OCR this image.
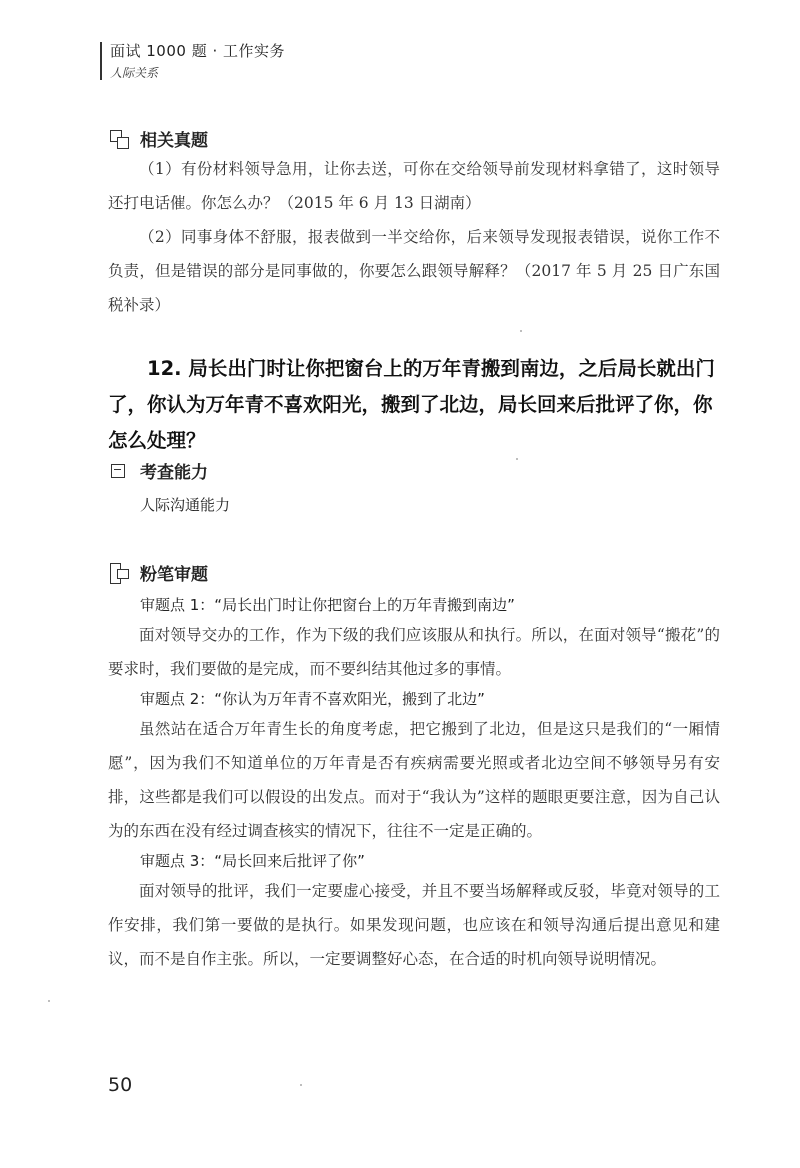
面试 1000 题 · 工作实务
人际关系
相关真题
（1）有份材料领导急用，让你去送，可你在交给领导前发现材料拿错了，这时领导还打电话催。你怎么办？（2015 年 6 月 13 日湖南）
（2）同事身体不舒服，报表做到一半交给你，后来领导发现报表错误，说你工作不负责，但是错误的部分是同事做的，你要怎么跟领导解释？（2017 年 5 月 25 日广东国税补录）
12. 局长出门时让你把窗台上的万年青搬到南边，之后局长就出门了，你认为万年青不喜欢阳光，搬到了北边，局长回来后批评了你，你怎么处理？
考查能力
人际沟通能力
粉笔审题
审题点 1：“局长出门时让你把窗台上的万年青搬到南边”
面对领导交办的工作，作为下级的我们应该服从和执行。所以，在面对领导“搬花”的要求时，我们要做的是完成，而不要纠结其他过多的事情。
审题点 2：“你认为万年青不喜欢阳光，搬到了北边”
虽然站在适合万年青生长的角度考虑，把它搬到了北边，但是这只是我们的“一厢情愿”，因为我们不知道单位的万年青是否有疾病需要光照或者北边空间不够领导另有安排，这些都是我们可以假设的出发点。而对于“我认为”这样的题眼更要注意，因为自己认为的东西在没有经过调查核实的情况下，往往不一定是正确的。
审题点 3：“局长回来后批评了你”
面对领导的批评，我们一定要虚心接受，并且不要当场解释或反驳，毕竟对领导的工作安排，我们第一要做的是执行。如果发现问题，也应该在和领导沟通后提出意见和建议，而不是自作主张。所以，一定要调整好心态，在合适的时机向领导说明情况。
50
